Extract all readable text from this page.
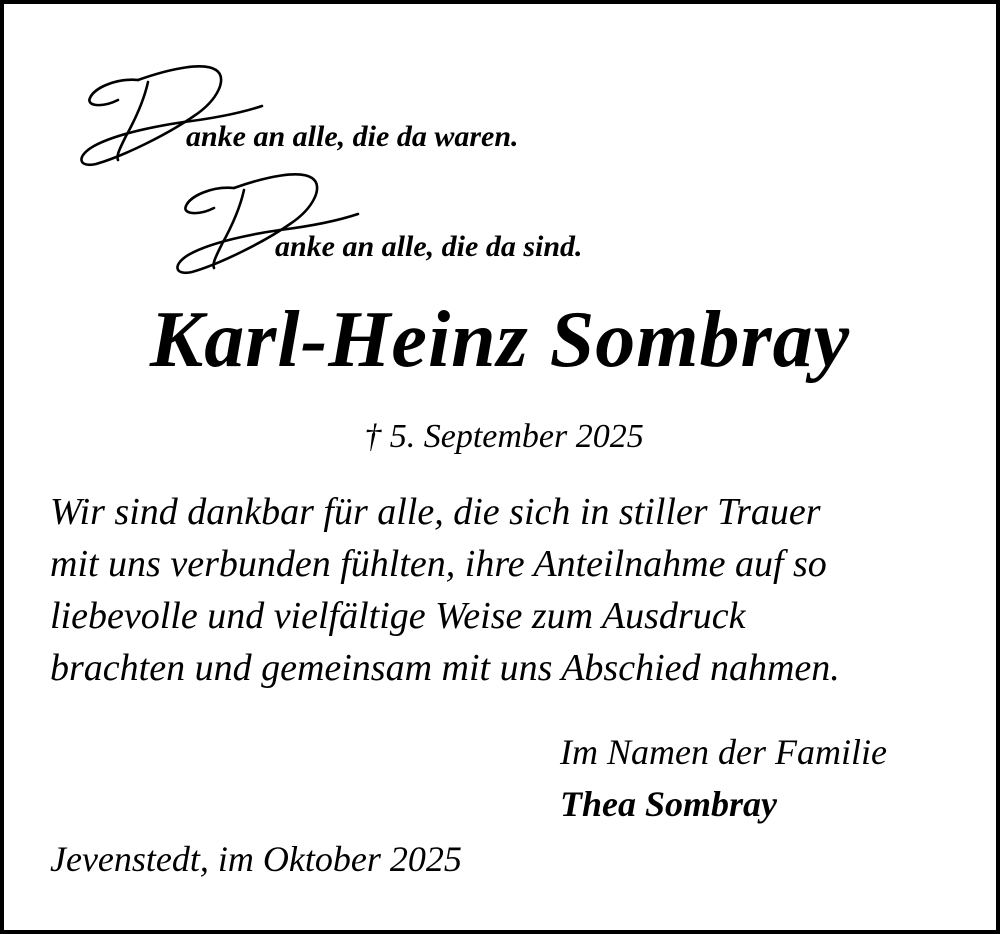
anke an alle, die da waren.
anke an alle, die da sind.
Karl-Heinz Sombray
† 5. September 2025
Wir sind dankbar für alle, die sich in stiller Trauer
mit uns verbunden fühlten, ihre Anteilnahme auf so
liebevolle und vielfältige Weise zum Ausdruck
brachten und gemeinsam mit uns Abschied nahmen.
Im Namen der Familie
Thea Sombray
Jevenstedt, im Oktober 2025
